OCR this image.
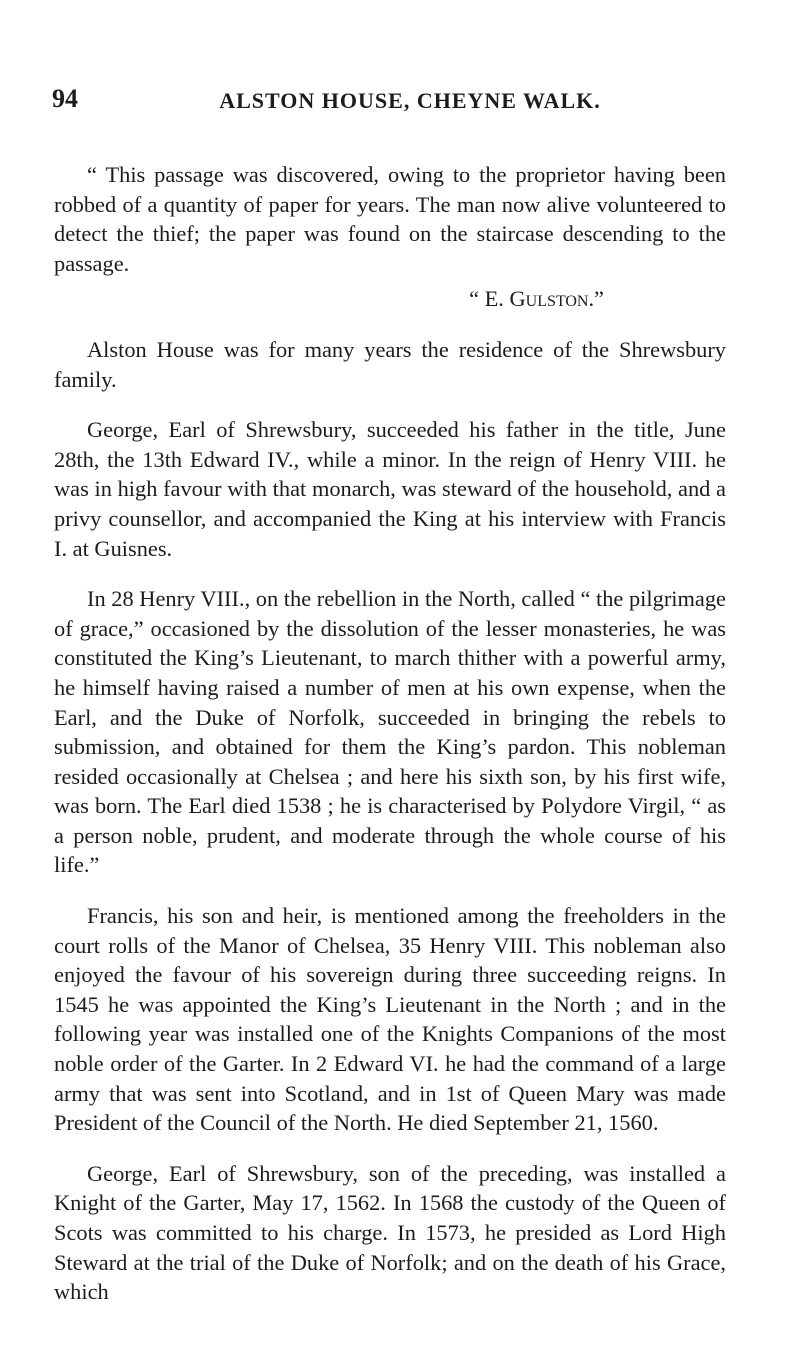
94	ALSTON HOUSE, CHEYNE WALK.

“ This passage was discovered, owing to the proprietor having been robbed of a quantity of paper for years. The man now alive volunteered to detect the thief; the paper was found on the staircase descending to the passage.

“ E. Gulston.”

Alston House was for many years the residence of the Shrewsbury family.

George, Earl of Shrewsbury, succeeded his father in the title, June 28th, the 13th Edward IV., while a minor. In the reign of Henry VIII. he was in high favour with that monarch, was steward of the household, and a privy counsellor, and accompanied the King at his interview with Francis I. at Guisnes.

In 28 Henry VIII., on the rebellion in the North, called “ the pilgrimage of grace,” occasioned by the dissolution of the lesser monasteries, he was constituted the King’s Lieutenant, to march thither with a powerful army, he himself having raised a number of men at his own expense, when the Earl, and the Duke of Norfolk, succeeded in bringing the rebels to submission, and obtained for them the King’s pardon. This nobleman resided occasionally at Chelsea ; and here his sixth son, by his first wife, was born. The Earl died 1538 ; he is characterised by Polydore Virgil, “ as a person noble, prudent, and moderate through the whole course of his life.”

Francis, his son and heir, is mentioned among the freeholders in the court rolls of the Manor of Chelsea, 35 Henry VIII. This nobleman also enjoyed the favour of his sovereign during three succeeding reigns. In 1545 he was appointed the King’s Lieutenant in the North ; and in the following year was installed one of the Knights Companions of the most noble order of the Garter. In 2 Edward VI. he had the command of a large army that was sent into Scotland, and in 1st of Queen Mary was made President of the Council of the North. He died September 21, 1560.

George, Earl of Shrewsbury, son of the preceding, was installed a Knight of the Garter, May 17, 1562. In 1568 the custody of the Queen of Scots was committed to his charge. In 1573, he presided as Lord High Steward at the trial of the Duke of Norfolk; and on the death of his Grace, which
